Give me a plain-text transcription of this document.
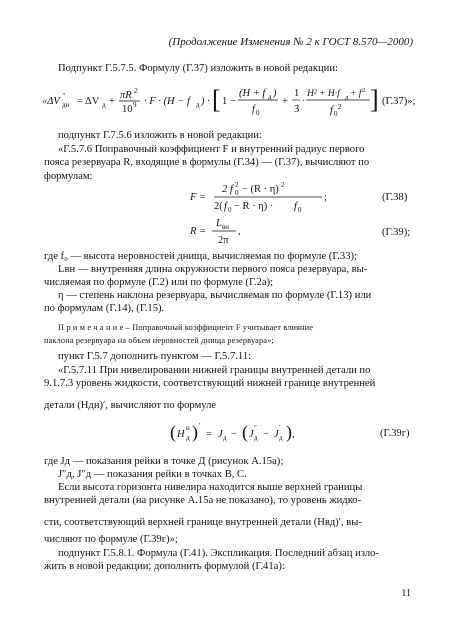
(Продолжение Изменения № 2 к ГОСТ 8.570—2000)
Подпункт Г.5.7.5. Формулу (Г.37) изложить в новой редакции:
«ΔV ″
дн = ΔV д +
πR 2
10 9 · F · (H − f д ) · [ 1 −
(H + f д )
f 0
+
1
3
·
H² + H·f д + f 2
f 0
2 ] (Г.37)»;
подпункт Г.7.5.6 изложить в новой редакции:
«Г.5.7.6 Поправочный коэффициент F и внутренний радиус первого
пояса резервуара R, входящие в формулы (Г.34) — (Г.37), вычисляют по
формулам:
F =
2 f 0
2 − (R · η) 2
2( f 0 − R · η) · f 0
;	(Г.38)
R =
L вн
2π
,	(Г.39);
где f₀ — высота неровностей днища, вычисляемая по формуле (Г.33);
Lвн — внутренняя длина окружности первого пояса резервуара, вы-
числяемая по формуле (Г.2) или по формуле (Г.2а);
η — степень наклона резервуара, вычисляемая по формуле (Г.13) или
по формулам (Г.14), (Г.15).
П р и м е ч а н и е – Поправочный коэффициент F учитывает влияние
наклона резервуара на объем неровностей днища резервуара»;
пункт Г.5.7 дополнить пунктом — Г.5.7.11:
«Г.5.7.11 При нивелировании нижней границы внутренней детали по
9.1.7.3 уровень жидкости, соответствующий нижней границе внутренней
детали (Hдн)′, вычисляют по формуле
( H
н
д ) ′
= J д − ( J
″
д − J
′
д ) ,	(Г.39г)
где Jд — показания рейки в точке Д (рисунок А.15а);
J″д, J″д — показания рейки в точках В, С.
Если высота горизонта нивелира находится выше верхней границы
внутренней детали (на рисунке А.15а не показано), то уровень жидко-
сти, соответствующий верхней границе внутренней детали (Hвд)′, вы-
числяют по формуле (Г.39г)»;
подпункт Г.5.8.1. Формула (Г.41). Экспликация. Последний абзац изло-
жить в новой редакции; дополнить формулой (Г.41а):
11
